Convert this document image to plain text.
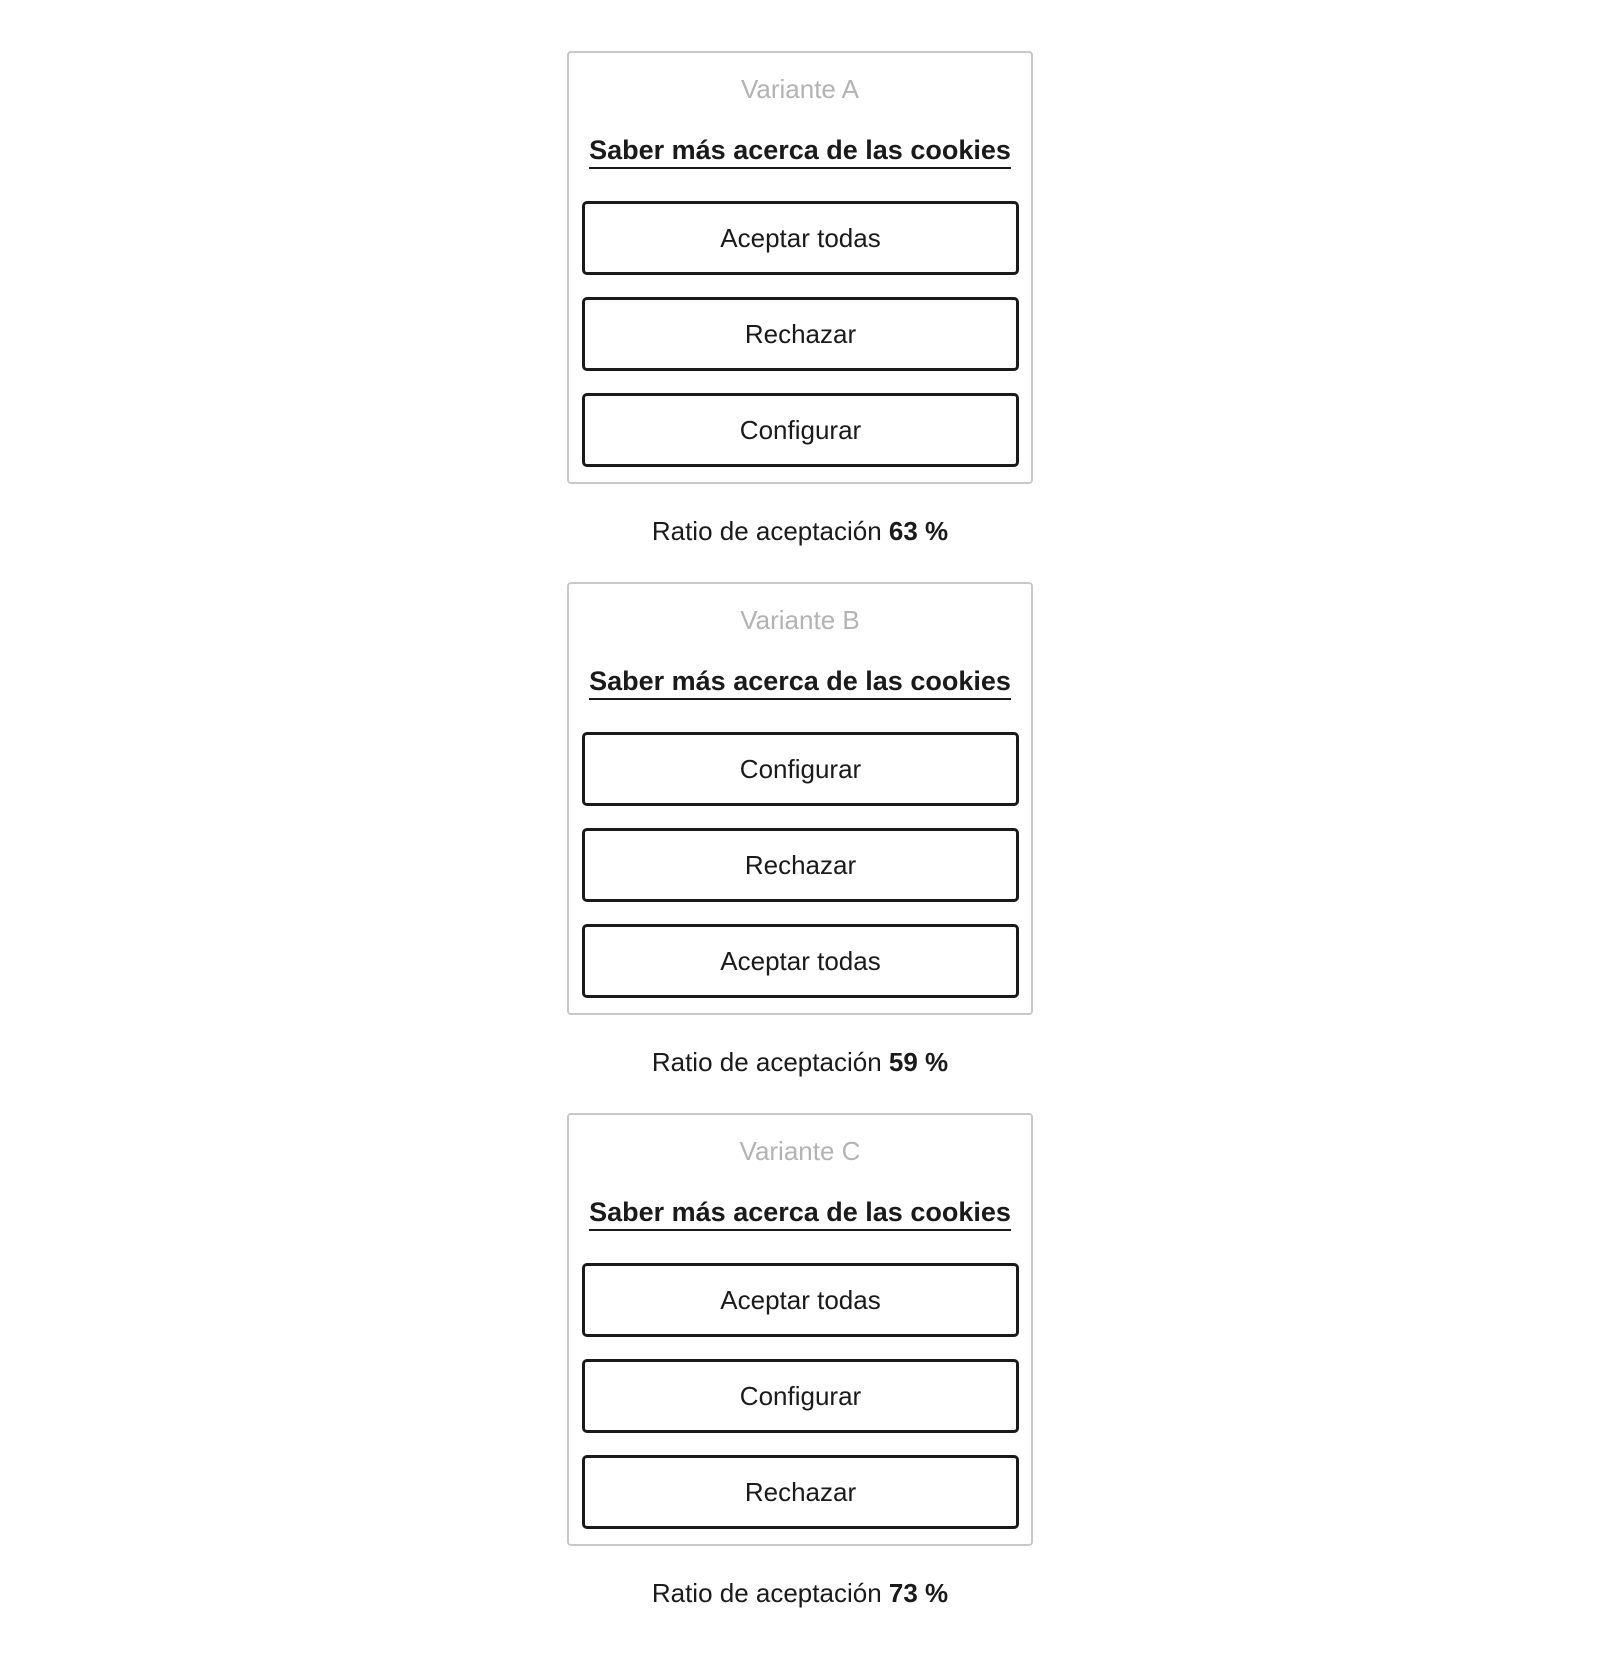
Variante A
Saber más acerca de las cookies
Aceptar todas
Rechazar
Configurar
Ratio de aceptación 63 %
Variante B
Saber más acerca de las cookies
Configurar
Rechazar
Aceptar todas
Ratio de aceptación 59 %
Variante C
Saber más acerca de las cookies
Aceptar todas
Configurar
Rechazar
Ratio de aceptación 73 %
